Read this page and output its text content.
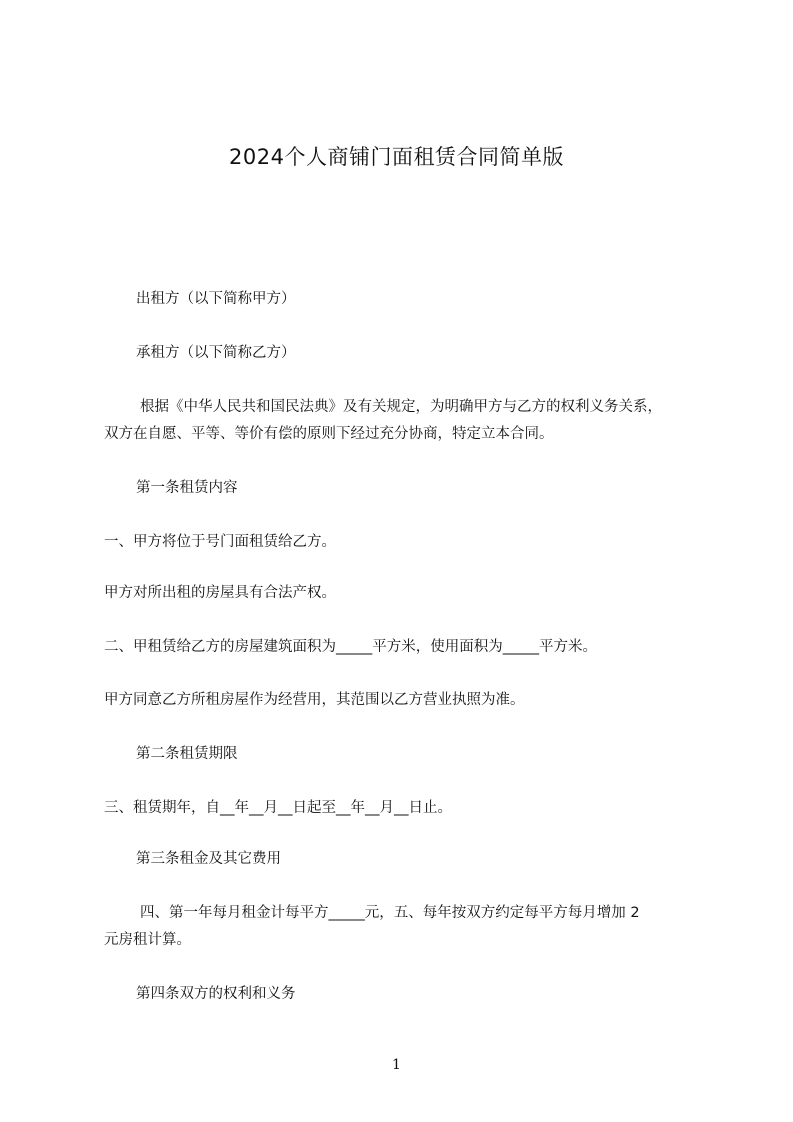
2024个人商铺门面租赁合同简单版
出租方（以下简称甲方）
承租方（以下简称乙方）
根据《中华人民共和国民法典》及有关规定，为明确甲方与乙方的权利义务关系，
双方在自愿、平等、等价有偿的原则下经过充分协商，特定立本合同。
第一条租赁内容
一、甲方将位于号门面租赁给乙方。
甲方对所出租的房屋具有合法产权。
二、甲租赁给乙方的房屋建筑面积为_____平方米，使用面积为_____平方米。
甲方同意乙方所租房屋作为经营用，其范围以乙方营业执照为准。
第二条租赁期限
三、租赁期年，自__年__月__日起至__年__月__日止。
第三条租金及其它费用
四、第一年每月租金计每平方_____元，五、每年按双方约定每平方每月增加 2
元房租计算。
第四条双方的权利和义务
1
